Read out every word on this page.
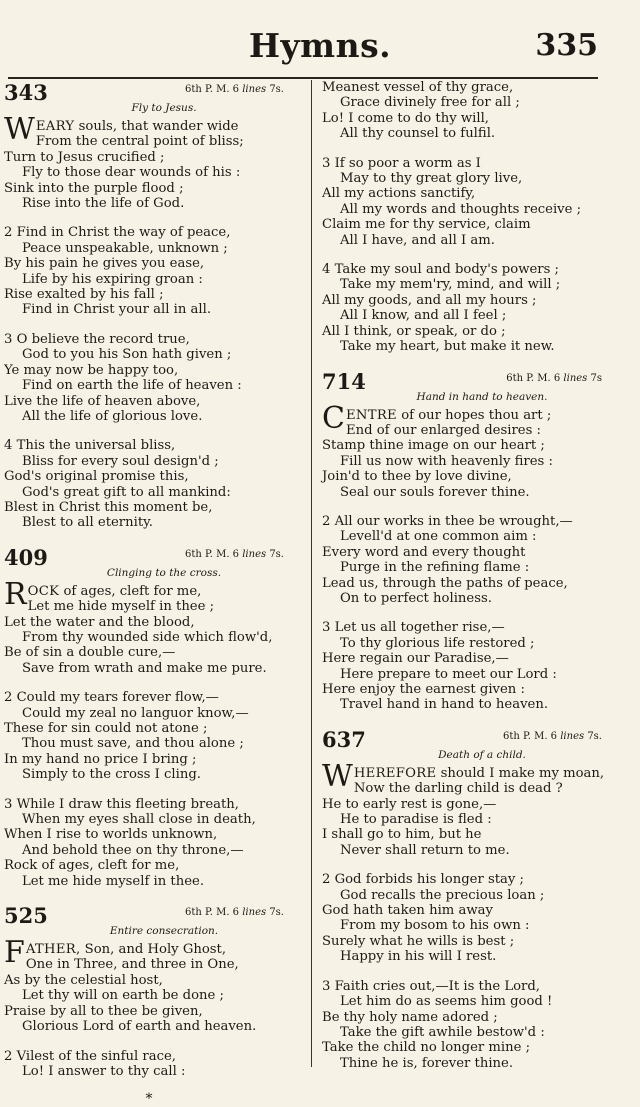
Hymns.	335
343	6th P. M. 6 lines 7s.
Fly to Jesus.
WEARY souls, that wander wide
From the central point of bliss;
Turn to Jesus crucified ;
Fly to those dear wounds of his :
Sink into the purple flood ;
Rise into the life of God.
2 Find in Christ the way of peace,
Peace unspeakable, unknown ;
By his pain he gives you ease,
Life by his expiring groan :
Rise exalted by his fall ;
Find in Christ your all in all.
3 O believe the record true,
God to you his Son hath given ;
Ye may now be happy too,
Find on earth the life of heaven :
Live the life of heaven above,
All the life of glorious love.
4 This the universal bliss,
Bliss for every soul design'd ;
God's original promise this,
God's great gift to all mankind:
Blest in Christ this moment be,
Blest to all eternity.
409	6th P. M. 6 lines 7s.
Clinging to the cross.
ROCK of ages, cleft for me,
Let me hide myself in thee ;
Let the water and the blood,
From thy wounded side which flow'd,
Be of sin a double cure,—
Save from wrath and make me pure.
2 Could my tears forever flow,—
Could my zeal no languor know,—
These for sin could not atone ;
Thou must save, and thou alone ;
In my hand no price I bring ;
Simply to the cross I cling.
3 While I draw this fleeting breath,
When my eyes shall close in death,
When I rise to worlds unknown,
And behold thee on thy throne,—
Rock of ages, cleft for me,
Let me hide myself in thee.
525	6th P. M. 6 lines 7s.
Entire consecration.
FATHER, Son, and Holy Ghost,
One in Three, and three in One,
As by the celestial host,
Let thy will on earth be done ;
Praise by all to thee be given,
Glorious Lord of earth and heaven.
2 Vilest of the sinful race,
Lo! I answer to thy call :
*
Meanest vessel of thy grace,
Grace divinely free for all ;
Lo! I come to do thy will,
All thy counsel to fulfil.
3 If so poor a worm as I
May to thy great glory live,
All my actions sanctify,
All my words and thoughts receive ;
Claim me for thy service, claim
All I have, and all I am.
4 Take my soul and body's powers ;
Take my mem'ry, mind, and will ;
All my goods, and all my hours ;
All I know, and all I feel ;
All I think, or speak, or do ;
Take my heart, but make it new.
714	6th P. M. 6 lines 7s
Hand in hand to heaven.
CENTRE of our hopes thou art ;
End of our enlarged desires :
Stamp thine image on our heart ;
Fill us now with heavenly fires :
Join'd to thee by love divine,
Seal our souls forever thine.
2 All our works in thee be wrought,—
Levell'd at one common aim :
Every word and every thought
Purge in the refining flame :
Lead us, through the paths of peace,
On to perfect holiness.
3 Let us all together rise,—
To thy glorious life restored ;
Here regain our Paradise,—
Here prepare to meet our Lord :
Here enjoy the earnest given :
Travel hand in hand to heaven.
637	6th P. M. 6 lines 7s.
Death of a child.
WHEREFORE should I make my moan,
Now the darling child is dead ?
He to early rest is gone,—
He to paradise is fled :
I shall go to him, but he
Never shall return to me.
2 God forbids his longer stay ;
God recalls the precious loan ;
God hath taken him away
From my bosom to his own :
Surely what he wills is best ;
Happy in his will I rest.
3 Faith cries out,—It is the Lord,
Let him do as seems him good !
Be thy holy name adored ;
Take the gift awhile bestow'd :
Take the child no longer mine ;
Thine he is, forever thine.
